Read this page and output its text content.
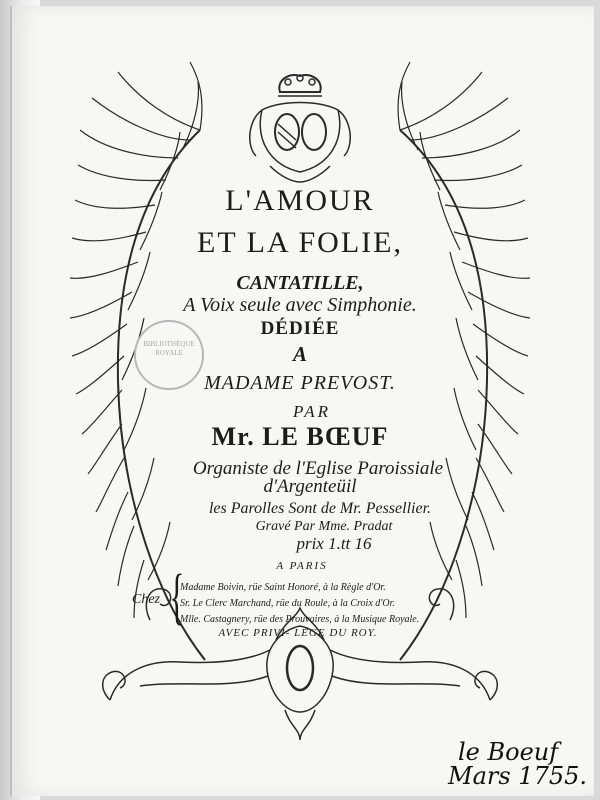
BIBLIOTHÈQUE ROYALE
L'AMOUR
ET LA FOLIE,
CANTATILLE,
A Voix seule avec Simphonie.
DÉDIÉE
A
MADAME PREVOST.
PAR
Mr. LE BŒUF
Organiste de l'Eglise Paroissiale
d'Argenteüil
les Parolles Sont de Mr. Pessellier.
Gravé Par Mme. Pradat
prix 1.tt 16
A PARIS
Chez {
Madame Boivin, rüe Saint Honoré, à la Règle d'Or.
Sr. Le Clerc Marchand, rüe du Roule, à la Croix d'Or.
Mlle. Castagnery, rüe des Prouvaires, à la Musique Royale.
AVEC PRIVI- LÉGE DU ROY.
le Boeuf
Mars 1755.
